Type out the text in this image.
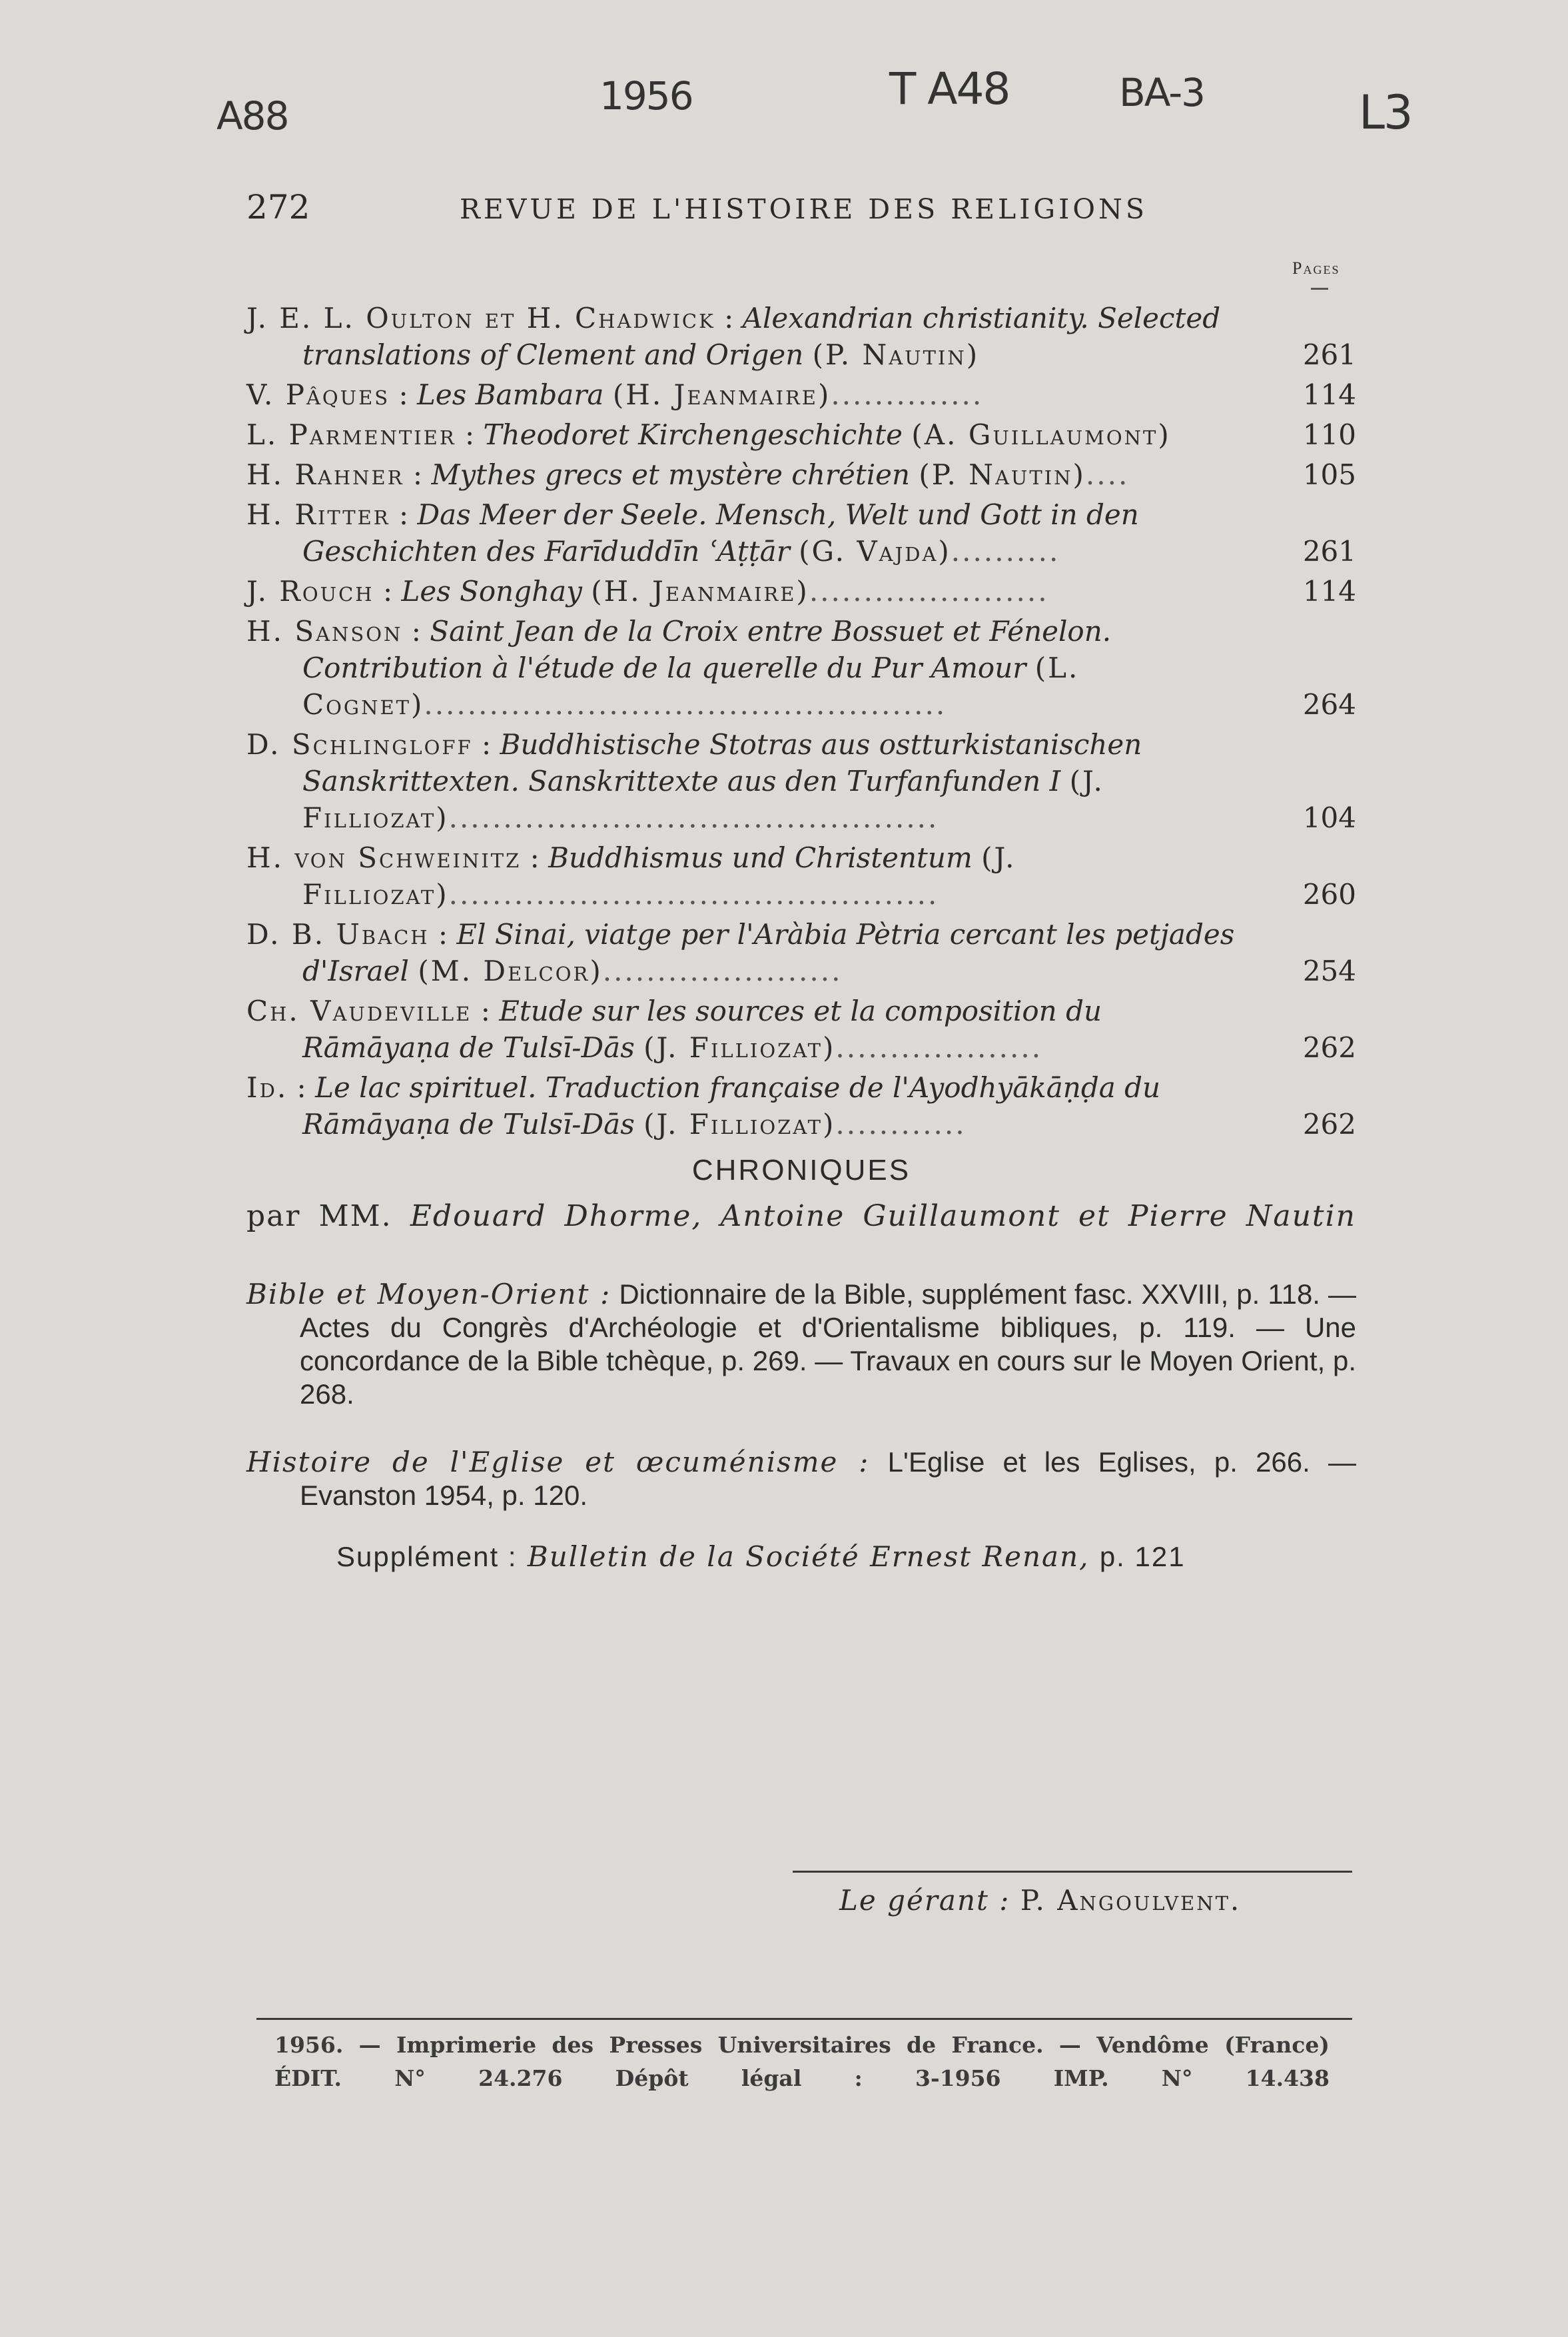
A88	1956	T A48	BA-3	L3
272	REVUE DE L'HISTOIRE DES RELIGIONS
Pages
J. E. L. Oulton et H. Chadwick : Alexandrian christianity. Selected translations of Clement and Origen (P. Nautin)	261
V. Pâques : Les Bambara (H. Jeanmaire)..............	114
L. Parmentier : Theodoret Kirchengeschichte (A. Guillaumont)	110
H. Rahner : Mythes grecs et mystère chrétien (P. Nautin)....	105
H. Ritter : Das Meer der Seele. Mensch, Welt und Gott in den Geschichten des Farīduddīn ʿAṭṭār (G. Vajda)..........	261
J. Rouch : Les Songhay (H. Jeanmaire)......................	114
H. Sanson : Saint Jean de la Croix entre Bossuet et Fénelon. Contribution à l'étude de la querelle du Pur Amour (L. Cognet)................................................	264
D. Schlingloff : Buddhistische Stotras aus ostturkistanischen Sanskrittexten. Sanskrittexte aus den Turfanfunden I (J. Filliozat).............................................	104
H. von Schweinitz : Buddhismus und Christentum (J. Filliozat).............................................	260
D. B. Ubach : El Sinai, viatge per l'Aràbia Pètria cercant les petjades d'Israel (M. Delcor)......................	254
Ch. Vaudeville : Etude sur les sources et la composition du Rāmāyaṇa de Tulsī-Dās (J. Filliozat)...................	262
Id. : Le lac spirituel. Traduction française de l'Ayodhyākāṇḍa du Rāmāyaṇa de Tulsī-Dās (J. Filliozat)............	262
CHRONIQUES
par MM. Edouard Dhorme, Antoine Guillaumont et Pierre Nautin

Bible et Moyen-Orient : Dictionnaire de la Bible, supplément fasc. XXVIII, p. 118. — Actes du Congrès d'Archéologie et d'Orientalisme bibliques, p. 119. — Une concordance de la Bible tchèque, p. 269. — Travaux en cours sur le Moyen Orient, p. 268.

Histoire de l'Eglise et œcuménisme : L'Eglise et les Eglises, p. 266. — Evanston 1954, p. 120.

Supplément : Bulletin de la Société Ernest Renan, p. 121
Le gérant : P. Angoulvent.
1956. — Imprimerie des Presses Universitaires de France. — Vendôme (France)
ÉDIT. N° 24.276 Dépôt légal : 3-1956 IMP. N° 14.438
